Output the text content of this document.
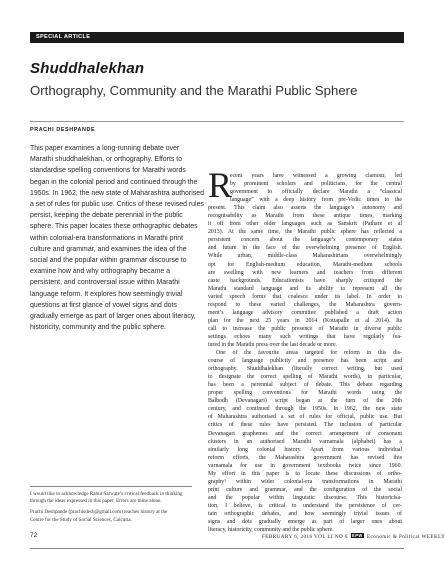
SPECIAL ARTICLE
Shuddhalekhan
Orthography, Community and the Marathi Public Sphere
PRACHI DESHPANDE
This paper examines a long-running debate over
Marathi shuddhalekhan, or orthography. Efforts to
standardise spelling conventions for Marathi words
began in the colonial period and continued through the
1950s. In 1962, the new state of Maharashtra authorised
a set of rules for public use. Critics of these revised rules
persist, keeping the debate perennial in the public
sphere. This paper locates these orthographic debates
within colonial-era transformations in Marathi print
culture and grammar, and examines the idea of the
social and the popular within grammar discourse to
examine how and why orthography became a
persistent, and controversial issue within Marathi
language reform. It explores how seemingly trivial
questions at first glance of vowel signs and dots
gradually emerge as part of larger ones about literacy,
historicity, community and the public sphere.
I would like to acknowledge Rahul Sarwate’s critical feedback in thinking
through the ideas expressed in this paper. Errors are mine alone.
Prachi Deshpande (prachisdesh@gmail.com) teaches history at the
Centre for the Study of Social Sciences, Calcutta.
R
ecent years have witnessed a growing clamour, led
by prominent scholars and politicians, for the central
government to officially declare Marathi a “classical
language” with a deep history from pre-Vedic times to the
present. This claim also asserts the language’s autonomy and
recognisability as Marathi from these antique times, marking
it off from other older languages such as Sanskrit (Pathare et al
2013). At the same time, the Marathi public sphere has reflected a
persistent concern about the language’s contemporary status
and future in the face of the overwhelming presence of English.
While urban, middle-class Maharashtrians overwhelmingly
opt for English-medium education, Marathi-medium schools
are swelling with new learners and teachers from different
caste backgrounds. Educationists have sharply critiqued the
Marathi standard language and its ability to represent all the
varied speech forms that coalesce under its label. In order to
respond to these varied challenges, the Maharashtra govern-
ment’s language advisory committee published a draft action
plan for the next 25 years in 2014 (Kottapalle et al 2014). Its
call to increase the public presence of Marathi in diverse public
settings echoes many such writings that have regularly fea-
tured in the Marathi press over the last decade or more.
One of the favourite areas targeted for reform in this dis-
course of language publicity and presence has been script and
orthography. Shuddhalekhan (literally correct writing, but used
to designate the correct spelling of Marathi words), in particular,
has been a perennial subject of debate. This debate regarding
proper spelling conventions for Marathi words using the
Balbodh (Devanagari) script began at the turn of the 20th
century, and continued through the 1950s. In 1962, the new state
of Maharashtra authorised a set of rules for official, public use. But
critics of these rules have persisted. The inclusion of particular
Devanagari graphemes and the correct arrangement of consonant
clusters in an authorised Marathi varnamala (alphabet) has a
similarly long colonial history. Apart from various individual
reform efforts, the Maharashtra government has revised this
varnamala for use in government textbooks twice since 1960.
My effort in this paper is to locate these discussions of ortho-
graphy¹ within wider colonial-era transformations in Marathi
print culture and grammar, and the configuration of the social
and the popular within linguistic discourse. This historicisa-
tion, I believe, is critical to understand the persistence of cer-
tain orthographic debates, and how seemingly trivial issues of
signs and dots gradually emerge as part of larger ones about
literacy, historicity, community and the public sphere.
72	FEBRUARY 6, 2016 VOL LI NO 6 EPW Economic & Political WEEKLY
